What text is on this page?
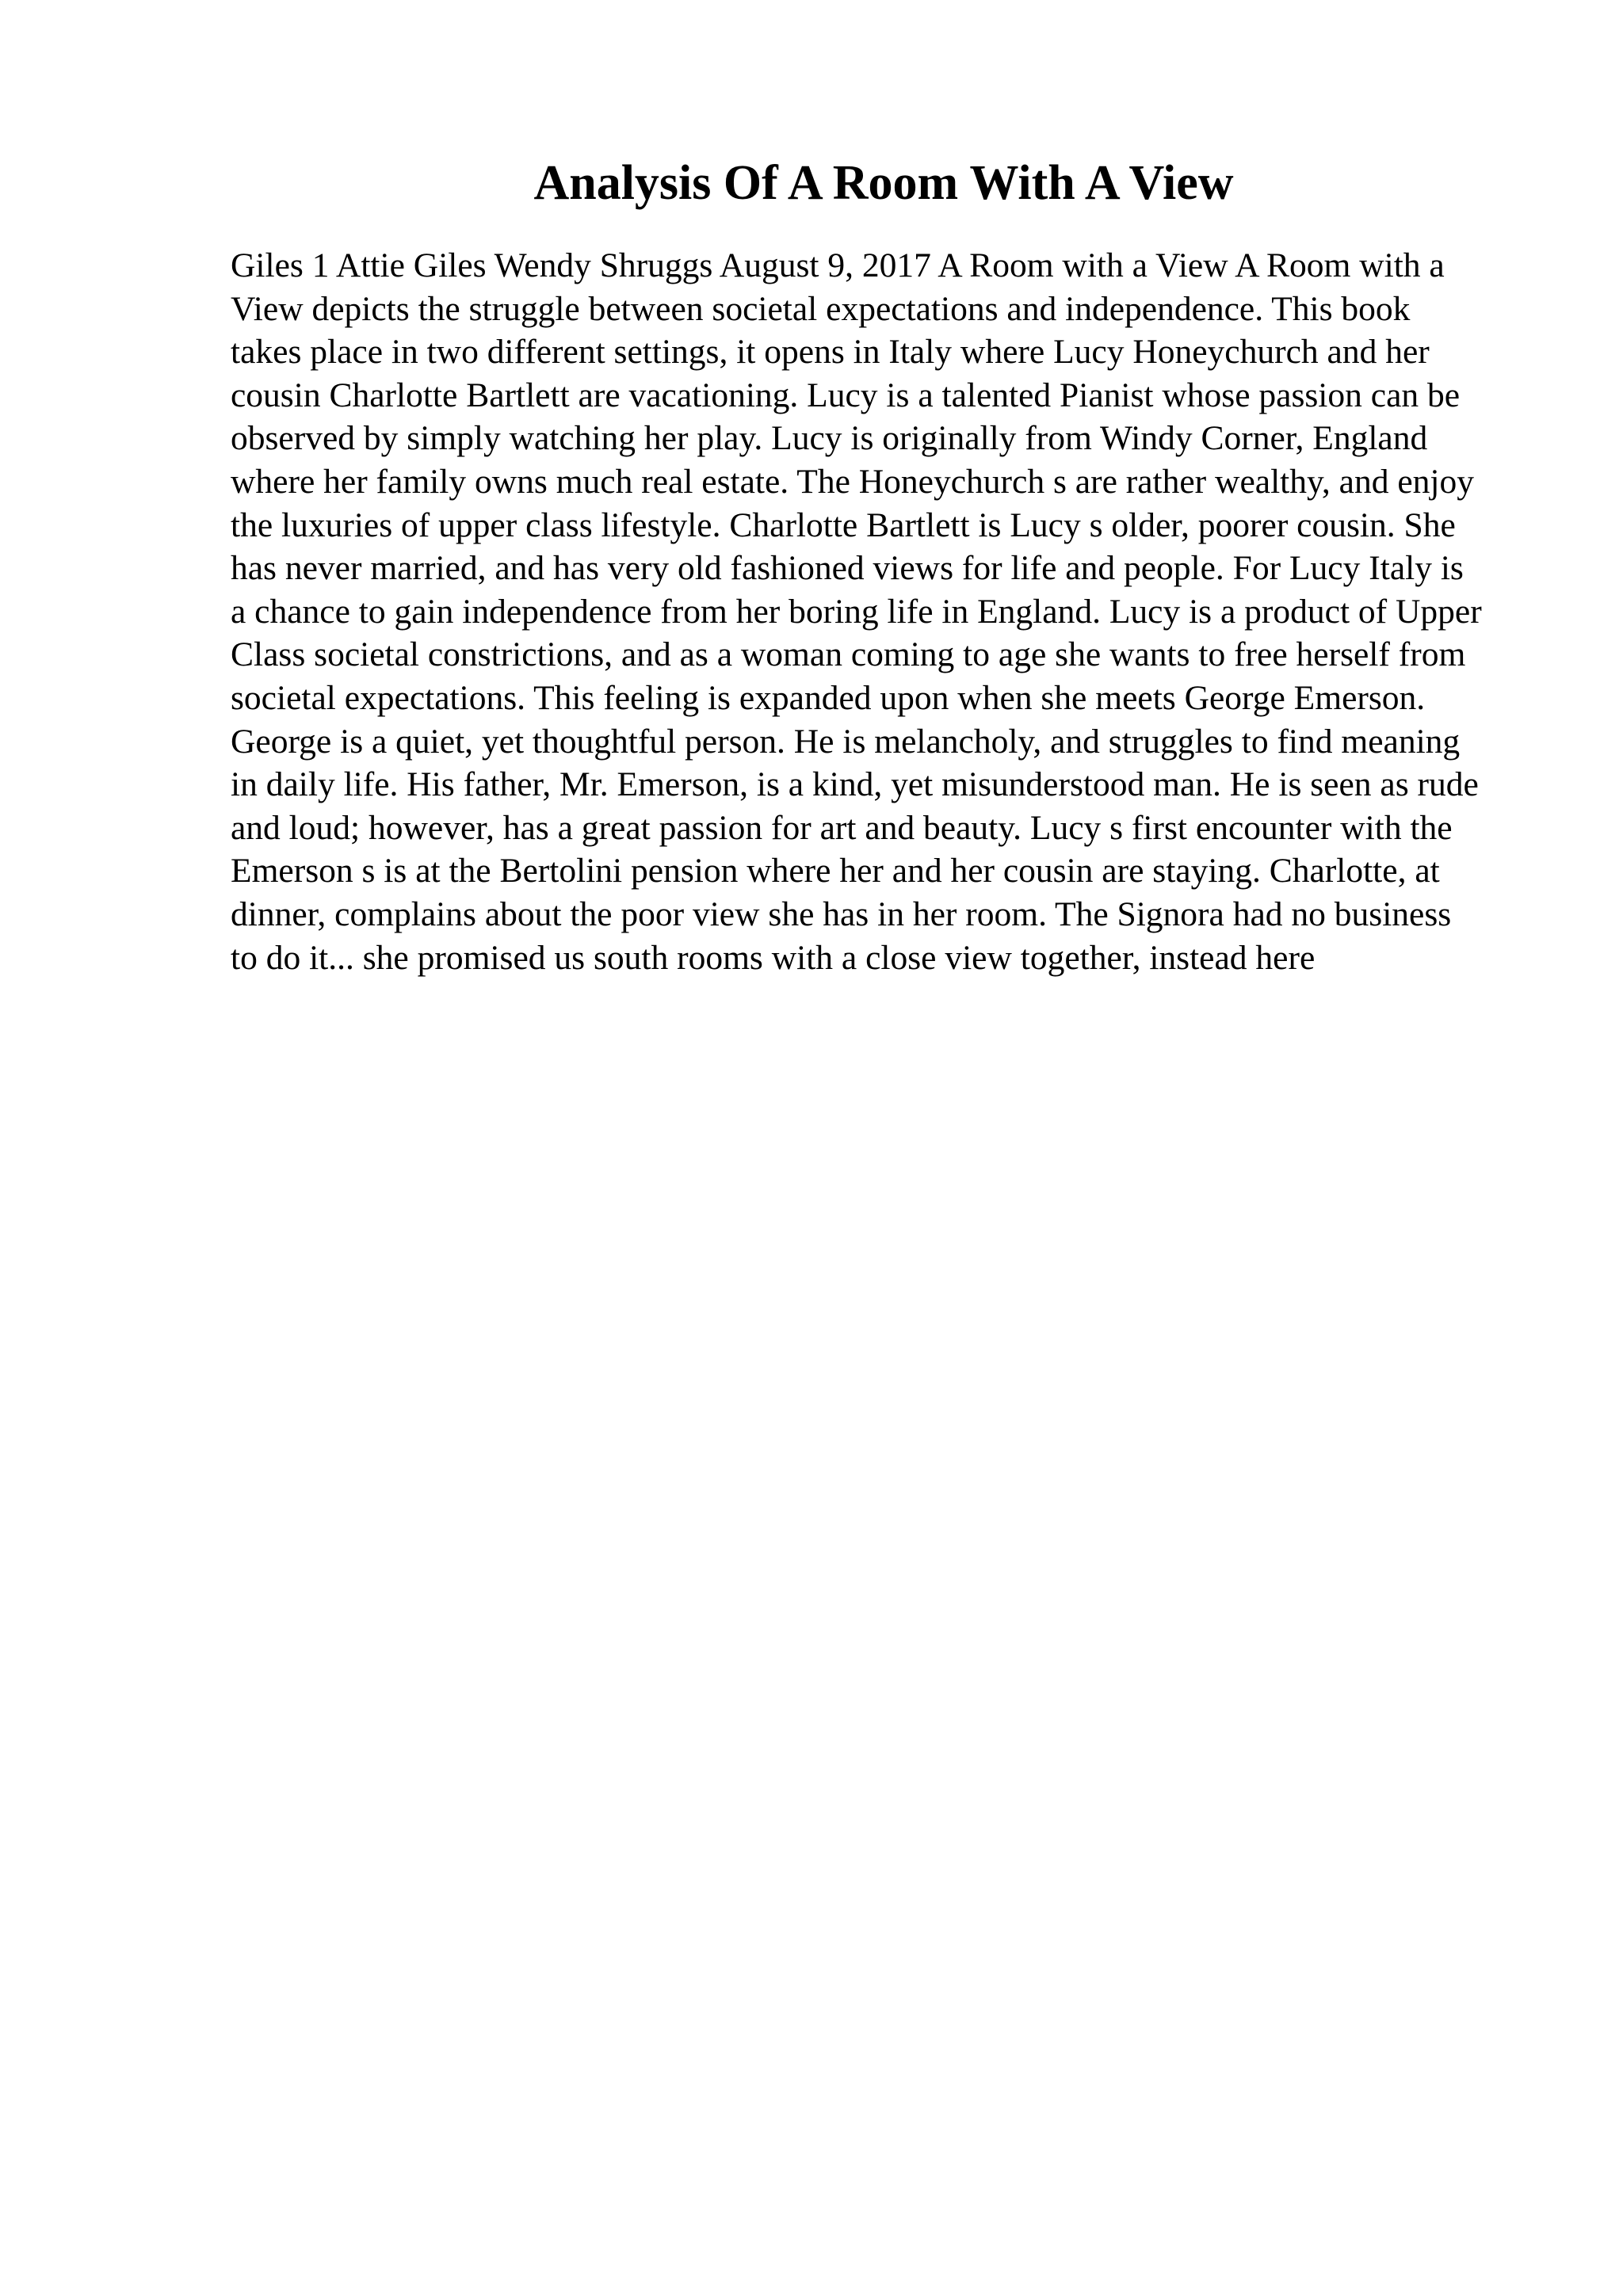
Analysis Of A Room With A View

Giles 1 Attie Giles Wendy Shruggs August 9, 2017 A Room with a View A Room with a View depicts the struggle between societal expectations and independence. This book takes place in two different settings, it opens in Italy where Lucy Honeychurch and her cousin Charlotte Bartlett are vacationing. Lucy is a talented Pianist whose passion can be observed by simply watching her play. Lucy is originally from Windy Corner, England where her family owns much real estate. The Honeychurch s are rather wealthy, and enjoy the luxuries of upper class lifestyle. Charlotte Bartlett is Lucy s older, poorer cousin. She has never married, and has very old fashioned views for life and people. For Lucy Italy is a chance to gain independence from her boring life in England. Lucy is a product of Upper Class societal constrictions, and as a woman coming to age she wants to free herself from societal expectations. This feeling is expanded upon when she meets George Emerson. George is a quiet, yet thoughtful person. He is melancholy, and struggles to find meaning in daily life. His father, Mr. Emerson, is a kind, yet misunderstood man. He is seen as rude and loud; however, has a great passion for art and beauty. Lucy s first encounter with the Emerson s is at the Bertolini pension where her and her cousin are staying. Charlotte, at dinner, complains about the poor view she has in her room. The Signora had no business to do it... she promised us south rooms with a close view together, instead here
